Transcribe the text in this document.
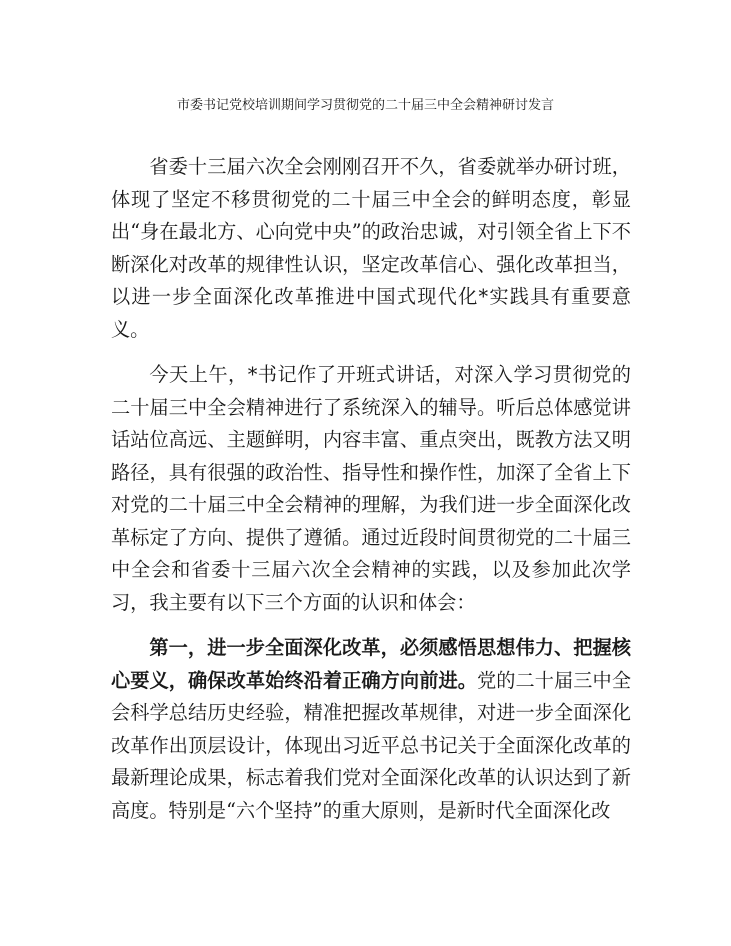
市委书记党校培训期间学习贯彻党的二十届三中全会精神研讨发言

省委十三届六次全会刚刚召开不久，省委就举办研讨班，体现了坚定不移贯彻党的二十届三中全会的鲜明态度，彰显出“身在最北方、心向党中央”的政治忠诚，对引领全省上下不断深化对改革的规律性认识，坚定改革信心、强化改革担当，以进一步全面深化改革推进中国式现代化*实践具有重要意义。

今天上午，*书记作了开班式讲话，对深入学习贯彻党的二十届三中全会精神进行了系统深入的辅导。听后总体感觉讲话站位高远、主题鲜明，内容丰富、重点突出，既教方法又明路径，具有很强的政治性、指导性和操作性，加深了全省上下对党的二十届三中全会精神的理解，为我们进一步全面深化改革标定了方向、提供了遵循。通过近段时间贯彻党的二十届三中全会和省委十三届六次全会精神的实践，以及参加此次学习，我主要有以下三个方面的认识和体会：

第一，进一步全面深化改革，必须感悟思想伟力、把握核心要义，确保改革始终沿着正确方向前进。党的二十届三中全会科学总结历史经验，精准把握改革规律，对进一步全面深化改革作出顶层设计，体现出习近平总书记关于全面深化改革的最新理论成果，标志着我们党对全面深化改革的认识达到了新高度。特别是“六个坚持”的重大原则，是新时代全面深化改
